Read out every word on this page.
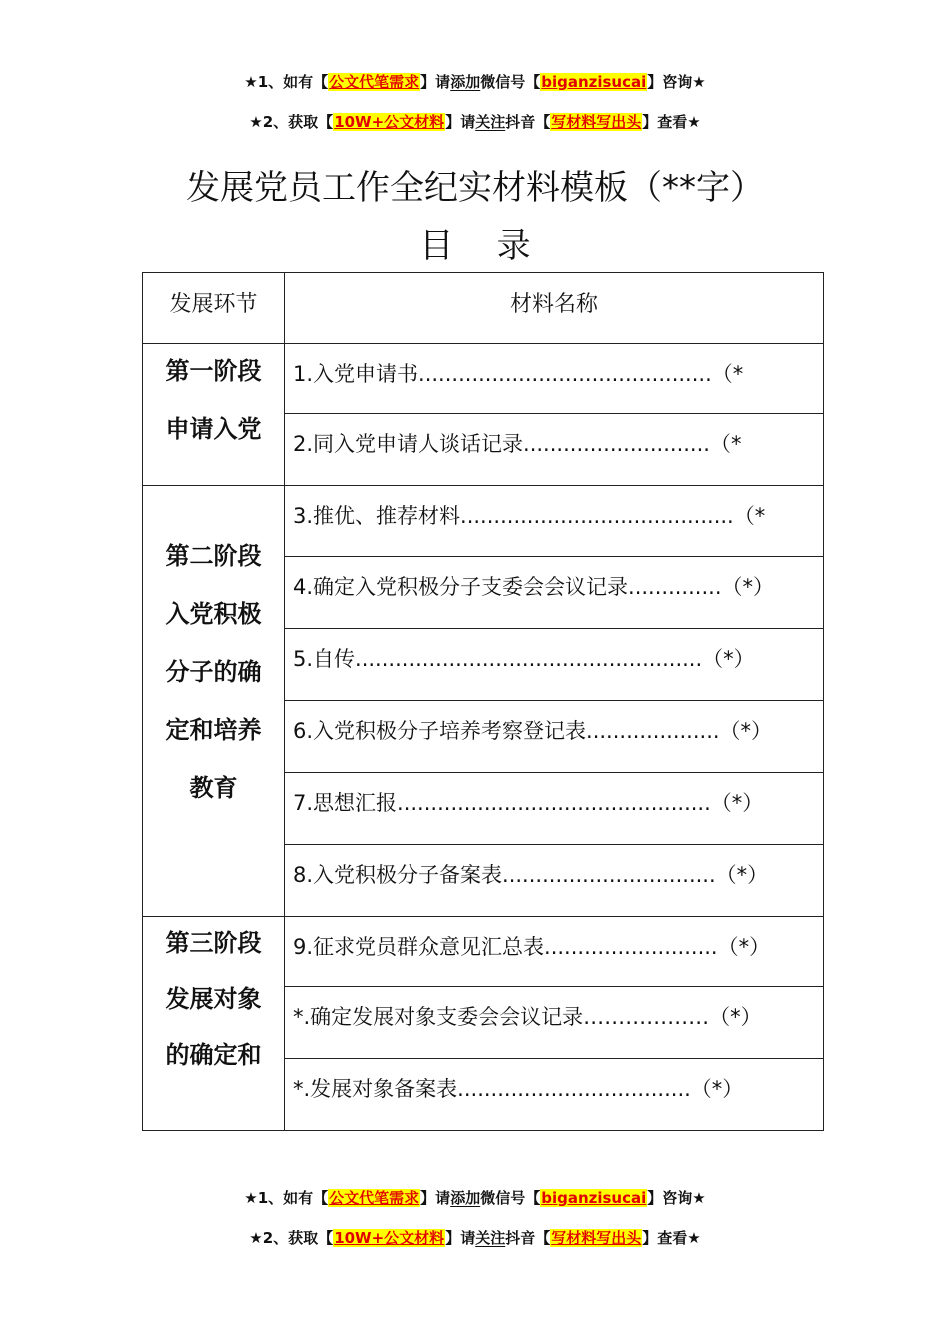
★1、如有【公文代笔需求】请添加微信号【biganzisucai】咨询★
★2、获取【10W+公文材料】请关注抖音【写材料写出头】查看★
发展党员工作全纪实材料模板（**字）
目    录
发展环节	材料名称

第一阶段
申请入党	1.入党申请书............................................（*
	2.同入党申请人谈话记录............................（*

第二阶段
入党积极
分子的确
定和培养
教育	3.推优、推荐材料.........................................（*
	4.确定入党积极分子支委会会议记录..............（*）
	5.自传....................................................（*）
	6.入党积极分子培养考察登记表....................（*）
	7.思想汇报...............................................（*）
	8.入党积极分子备案表................................（*）

第三阶段
发展对象
的确定和	9.征求党员群众意见汇总表..........................（*）
	*.确定发展对象支委会会议记录………………（*）
	*.发展对象备案表...................................（*）
★1、如有【公文代笔需求】请添加微信号【biganzisucai】咨询★
★2、获取【10W+公文材料】请关注抖音【写材料写出头】查看★
